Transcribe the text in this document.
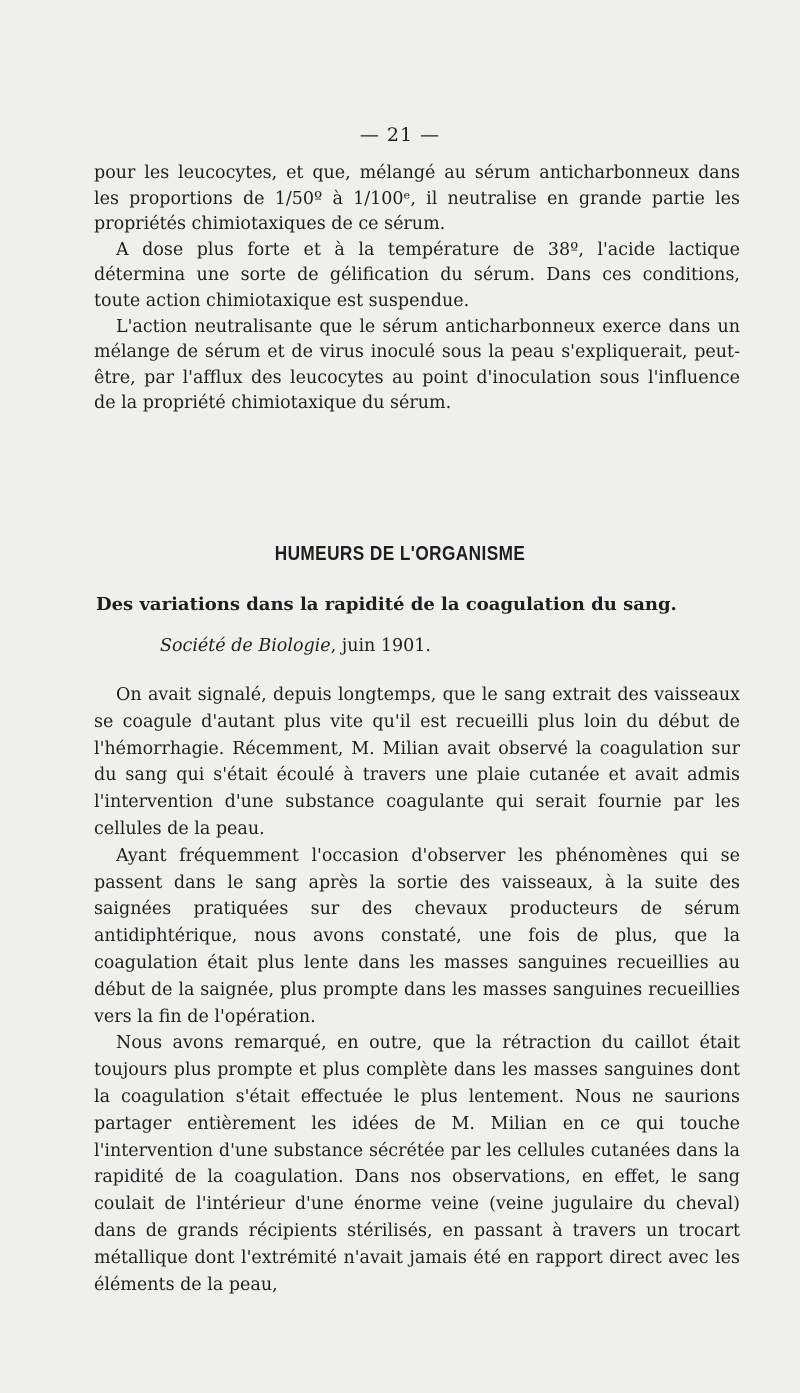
— 21 —

pour les leucocytes, et que, mélangé au sérum anticharbonneux dans les proportions de 1/50º à 1/100ᵉ, il neutralise en grande partie les propriétés chimiotaxiques de ce sérum.

A dose plus forte et à la température de 38º, l'acide lactique détermina une sorte de gélification du sérum. Dans ces conditions, toute action chimiotaxique est suspendue.

L'action neutralisante que le sérum anticharbonneux exerce dans un mélange de sérum et de virus inoculé sous la peau s'expliquerait, peut-être, par l'afflux des leucocytes au point d'inoculation sous l'influence de la propriété chimiotaxique du sérum.

HUMEURS DE L'ORGANISME
Des variations dans la rapidité de la coagulation du sang.
Société de Biologie, juin 1901.

On avait signalé, depuis longtemps, que le sang extrait des vaisseaux se coagule d'autant plus vite qu'il est recueilli plus loin du début de l'hémorrhagie. Récemment, M. Milian avait observé la coagulation sur du sang qui s'était écoulé à travers une plaie cutanée et avait admis l'intervention d'une substance coagulante qui serait fournie par les cellules de la peau.

Ayant fréquemment l'occasion d'observer les phénomènes qui se passent dans le sang après la sortie des vaisseaux, à la suite des saignées pratiquées sur des chevaux producteurs de sérum antidiphtérique, nous avons constaté, une fois de plus, que la coagulation était plus lente dans les masses sanguines recueillies au début de la saignée, plus prompte dans les masses sanguines recueillies vers la fin de l'opération.

Nous avons remarqué, en outre, que la rétraction du caillot était toujours plus prompte et plus complète dans les masses sanguines dont la coagulation s'était effectuée le plus lentement. Nous ne saurions partager entièrement les idées de M. Milian en ce qui touche l'intervention d'une substance sécrétée par les cellules cutanées dans la rapidité de la coagulation. Dans nos observations, en effet, le sang coulait de l'intérieur d'une énorme veine (veine jugulaire du cheval) dans de grands récipients stérilisés, en passant à travers un trocart métallique dont l'extrémité n'avait jamais été en rapport direct avec les éléments de la peau,
